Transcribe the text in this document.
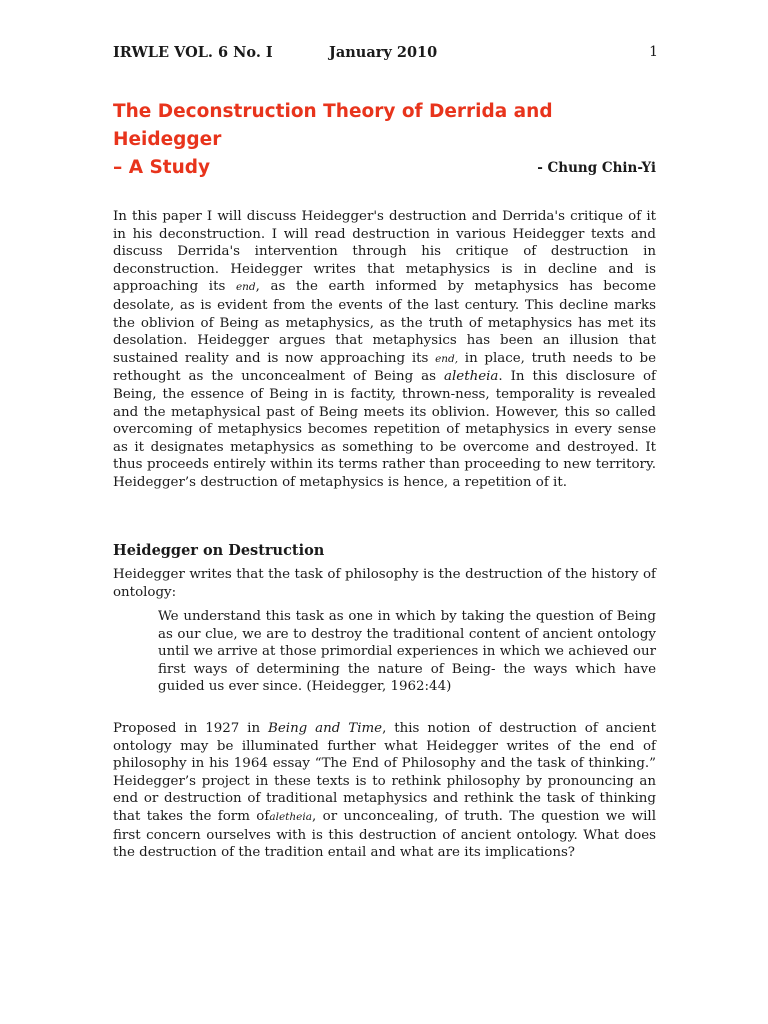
IRWLE VOL. 6 No. I	January 2010	1
The Deconstruction Theory of Derrida and Heidegger
– A Study	- Chung Chin-Yi

In this paper I will discuss Heidegger's destruction and Derrida's critique of it in his deconstruction. I will read destruction in various Heidegger texts and discuss Derrida's intervention through his critique of destruction in deconstruction. Heidegger writes that metaphysics is in decline and is approaching its end, as the earth informed by metaphysics has become desolate, as is evident from the events of the last century. This decline marks the oblivion of Being as metaphysics, as the truth of metaphysics has met its desolation. Heidegger argues that metaphysics has been an illusion that sustained reality and is now approaching its end, in place, truth needs to be rethought as the unconcealment of Being as aletheia. In this disclosure of Being, the essence of Being in is factity, thrown-ness, temporality is revealed and the metaphysical past of Being meets its oblivion. However, this so called overcoming of metaphysics becomes repetition of metaphysics in every sense as it designates metaphysics as something to be overcome and destroyed. It thus proceeds entirely within its terms rather than proceeding to new territory. Heidegger’s destruction of metaphysics is hence, a repetition of it.

Heidegger on Destruction

Heidegger writes that the task of philosophy is the destruction of the history of ontology:

We understand this task as one in which by taking the question of Being as our clue, we are to destroy the traditional content of ancient ontology until we arrive at those primordial experiences in which we achieved our first ways of determining the nature of Being- the ways which have guided us ever since. (Heidegger, 1962:44)

Proposed in 1927 in Being and Time, this notion of destruction of ancient ontology may be illuminated further what Heidegger writes of the end of philosophy in his 1964 essay “The End of Philosophy and the task of thinking.” Heidegger’s project in these texts is to rethink philosophy by pronouncing an end or destruction of traditional metaphysics and rethink the task of thinking that takes the form ofaletheia, or unconcealing, of truth. The question we will first concern ourselves with is this destruction of ancient ontology. What does the destruction of the tradition entail and what are its implications?
